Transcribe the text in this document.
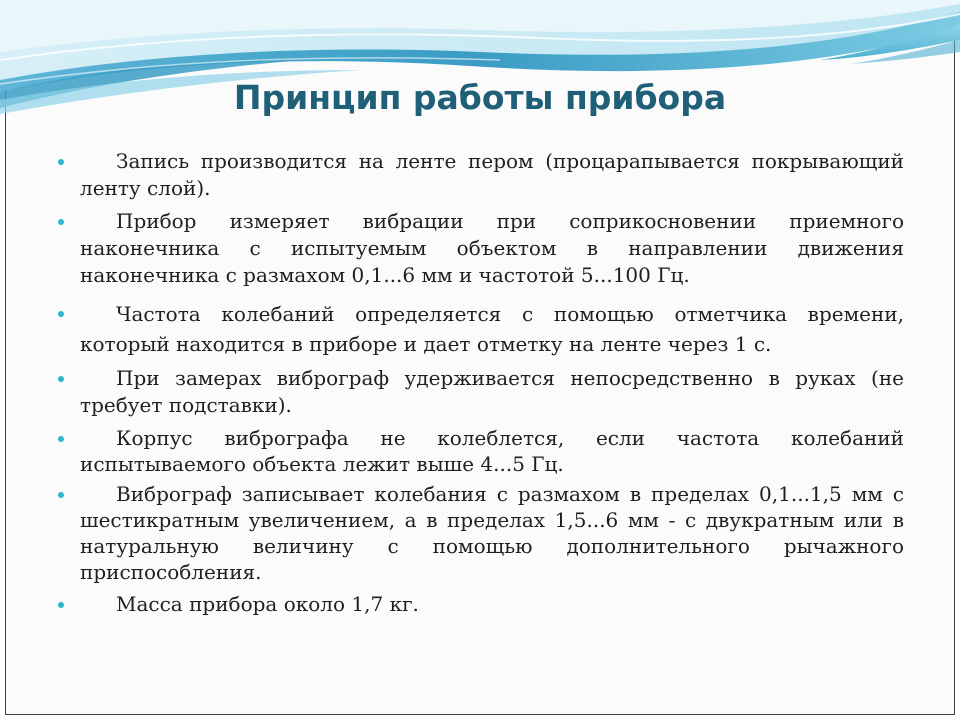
Принцип работы прибора
Запись производится на ленте пером (процарапывается покрывающий ленту слой).
Прибор измеряет вибрации при соприкосновении приемного наконечника с испытуемым объектом в направлении движения наконечника с размахом 0,1...6 мм и частотой 5...100 Гц.
Частота колебаний определяется с помощью отметчика времени, который находится в приборе и дает отметку на ленте через 1 с.
При замерах виброграф удерживается непосредственно в руках (не требует подставки).
Корпус вибрографа не колеблется, если частота колебаний испытываемого объекта лежит выше 4...5 Гц.
Виброграф записывает колебания с размахом в пределах 0,1...1,5 мм с шестикратным увеличением, а в пределах 1,5...6 мм - с двукратным или в натуральную величину с помощью дополнительного рычажного приспособления.
Масса прибора около 1,7 кг.
